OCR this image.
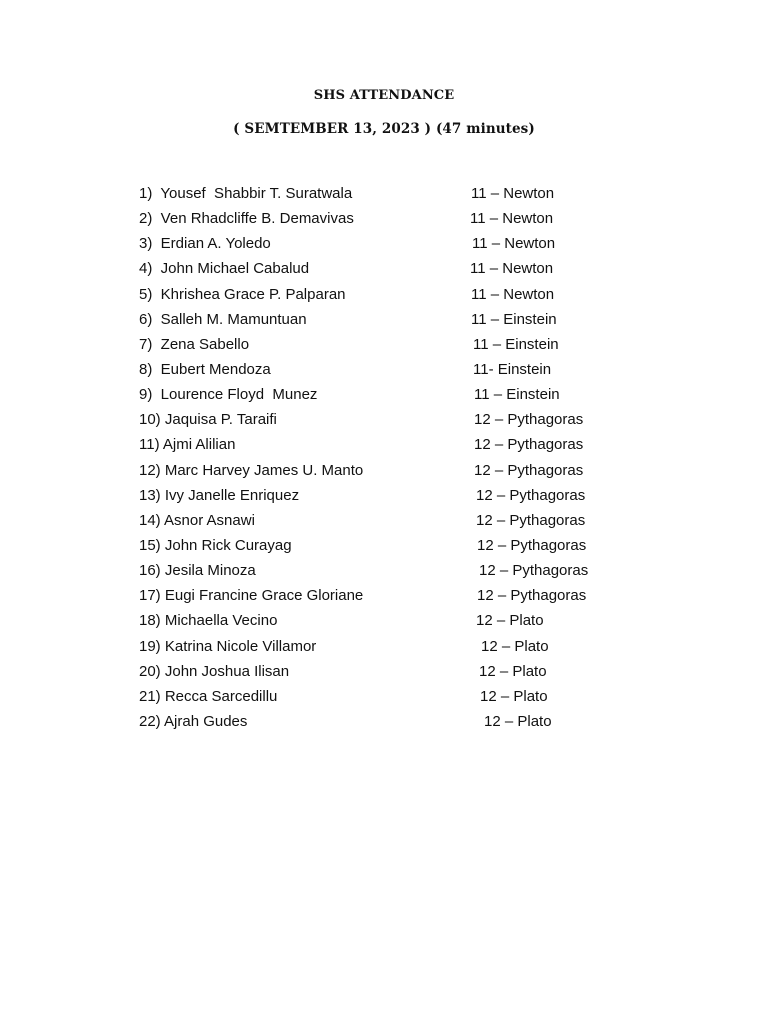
SHS ATTENDANCE
( SEMTEMBER 13, 2023 ) (47 minutes)
1)  Yousef  Shabbir T. Suratwala	11 – Newton
2)  Ven Rhadcliffe B. Demavivas	11 – Newton
3)  Erdian A. Yoledo	11 – Newton
4)  John Michael Cabalud	11 – Newton
5)  Khrishea Grace P. Palparan	11 – Newton
6)  Salleh M. Mamuntuan	11 – Einstein
7)  Zena Sabello	11 – Einstein
8)  Eubert Mendoza	11- Einstein
9)  Lourence Floyd  Munez	11 – Einstein
10) Jaquisa P. Taraifi	12 – Pythagoras
11) Ajmi Alilian	12 – Pythagoras
12) Marc Harvey James U. Manto	12 – Pythagoras
13) Ivy Janelle Enriquez	12 – Pythagoras
14) Asnor Asnawi	12 – Pythagoras
15) John Rick Curayag	12 – Pythagoras
16) Jesila Minoza	12 – Pythagoras
17) Eugi Francine Grace Gloriane	12 – Pythagoras
18) Michaella Vecino	12 – Plato
19) Katrina Nicole Villamor	12 – Plato
20) John Joshua Ilisan	12 – Plato
21) Recca Sarcedillu	12 – Plato
22) Ajrah Gudes	12 – Plato
